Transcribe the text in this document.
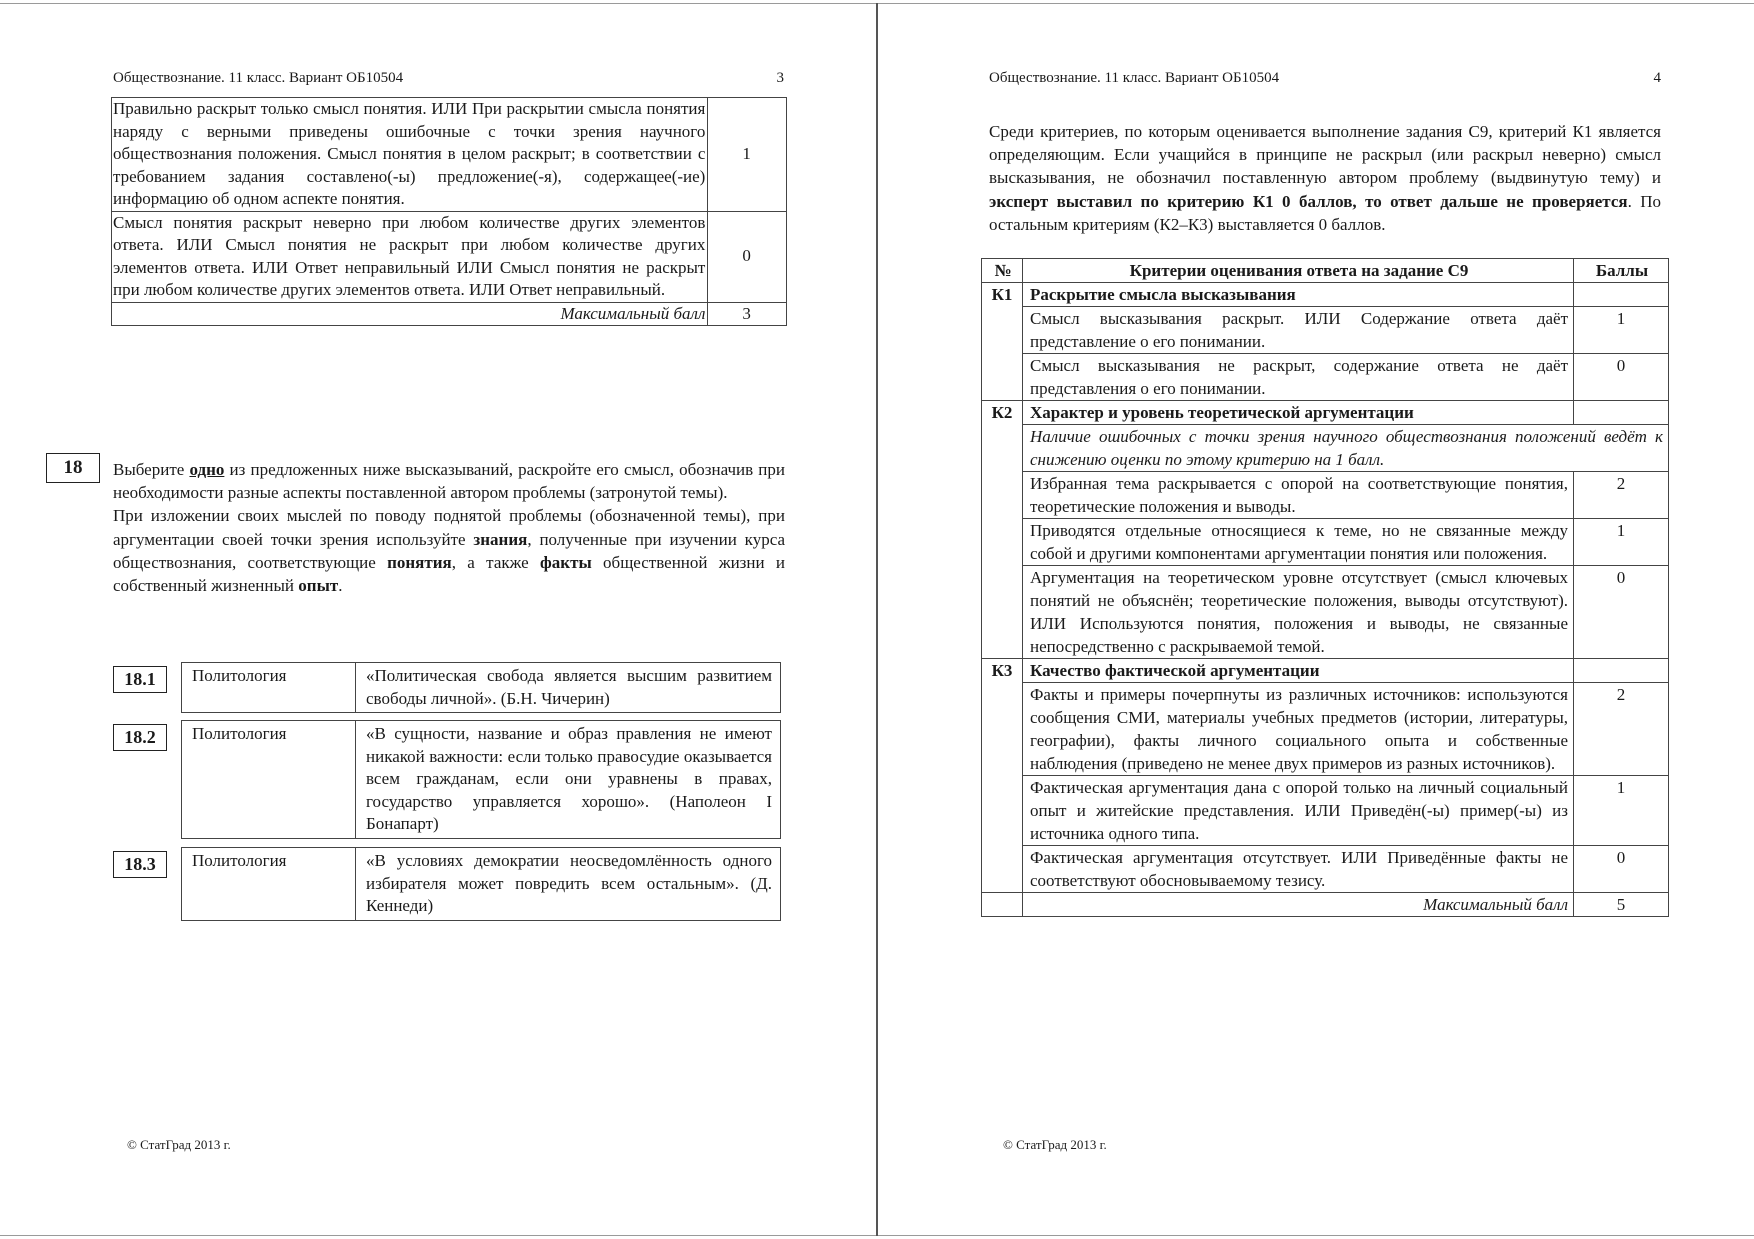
Обществознание. 11 класс. Вариант ОБ10504	3
Правильно раскрыт только смысл понятия. ИЛИ При раскрытии смысла понятия наряду с верными приведены ошибочные с точки зрения научного обществознания положения. Смысл понятия в целом раскрыт; в соответствии с требованием задания составлено(-ы) предложение(-я), содержащее(-ие) информацию об одном аспекте понятия.	1
Смысл понятия раскрыт неверно при любом количестве других элементов ответа. ИЛИ Смысл понятия не раскрыт при любом количестве других элементов ответа. ИЛИ Ответ неправильный ИЛИ Смысл понятия не раскрыт при любом количестве других элементов ответа. ИЛИ Ответ неправильный.	0
Максимальный балл	3
18	Выберите одно из предложенных ниже высказываний, раскройте его смысл, обозначив при необходимости разные аспекты поставленной автором проблемы (затронутой темы).

При изложении своих мыслей по поводу поднятой проблемы (обозначенной темы), при аргументации своей точки зрения используйте знания, полученные при изучении курса обществознания, соответствующие понятия, а также факты общественной жизни и собственный жизненный опыт.

18.1	Политология	«Политическая свобода является высшим развитием свободы личной». (Б.Н. Чичерин)
18.2	Политология	«В сущности, название и образ правления не имеют никакой важности: если только правосудие оказывается всем гражданам, если они уравнены в правах, государство управляется хорошо». (Наполеон I Бонапарт)
18.3	Политология	«В условиях демократии неосведомлённость одного избирателя может повредить всем остальным». (Д. Кеннеди)
© СтатГрад 2013 г.
Обществознание. 11 класс. Вариант ОБ10504	4

Среди критериев, по которым оценивается выполнение задания С9, критерий К1 является определяющим. Если учащийся в принципе не раскрыл (или раскрыл неверно) смысл высказывания, не обозначил поставленную автором проблему (выдвинутую тему) и эксперт выставил по критерию К1 0 баллов, то ответ дальше не проверяется. По остальным критериям (К2–К3) выставляется 0 баллов.

№	Критерии оценивания ответа на задание С9	Баллы
К1	Раскрытие смысла высказывания	
	Смысл высказывания раскрыт. ИЛИ Содержание ответа даёт представление о его понимании.	1
	Смысл высказывания не раскрыт, содержание ответа не даёт представления о его понимании.	0
К2	Характер и уровень теоретической аргументации	
	Наличие ошибочных с точки зрения научного обществознания положений ведёт к снижению оценки по этому критерию на 1 балл.	
	Избранная тема раскрывается с опорой на соответствующие понятия, теоретические положения и выводы.	2
	Приводятся отдельные относящиеся к теме, но не связанные между собой и другими компонентами аргументации понятия или положения.	1
	Аргументация на теоретическом уровне отсутствует (смысл ключевых понятий не объяснён; теоретические положения, выводы отсутствуют). ИЛИ Используются понятия, положения и выводы, не связанные непосредственно с раскрываемой темой.	0
К3	Качество фактической аргументации	
	Факты и примеры почерпнуты из различных источников: используются сообщения СМИ, материалы учебных предметов (истории, литературы, географии), факты личного социального опыта и собственные наблюдения (приведено не менее двух примеров из разных источников).	2
	Фактическая аргументация дана с опорой только на личный социальный опыт и житейские представления. ИЛИ Приведён(-ы) пример(-ы) из источника одного типа.	1
	Фактическая аргументация отсутствует. ИЛИ Приведённые факты не соответствуют обосновываемому тезису.	0
	Максимальный балл	5
© СтатГрад 2013 г.
